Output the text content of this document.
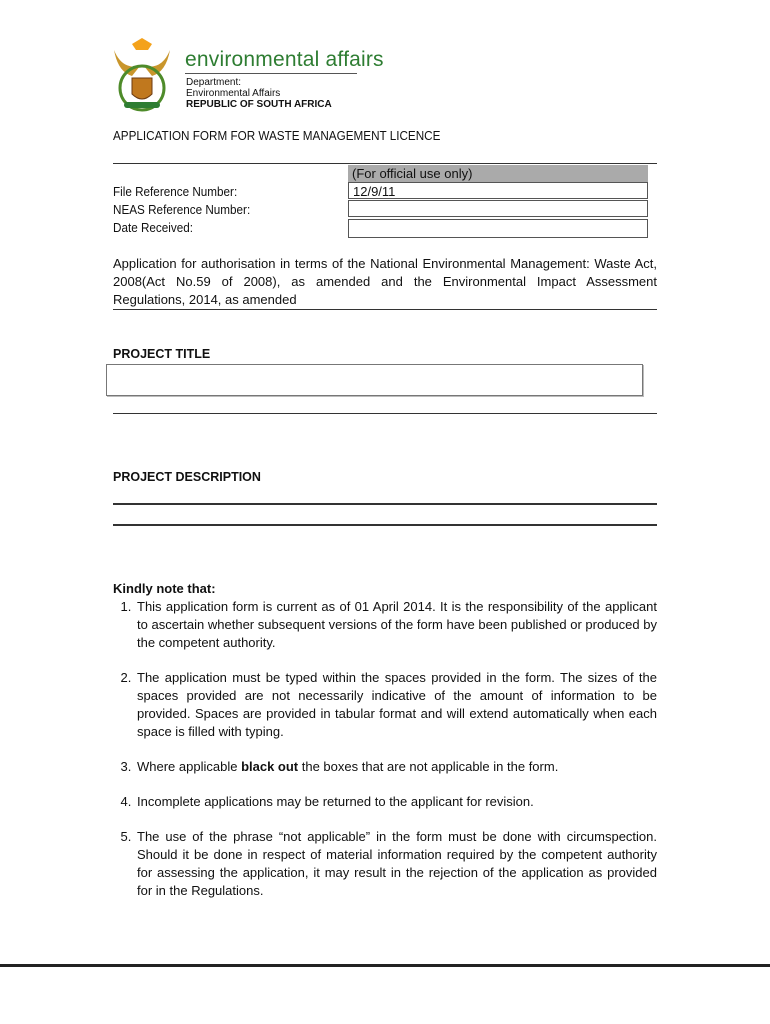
environmental affairs
Department:
Environmental Affairs
REPUBLIC OF SOUTH AFRICA
APPLICATION FORM FOR WASTE MANAGEMENT LICENCE
(For official use only)
File Reference Number:
NEAS Reference Number:
Date Received:
12/9/11
Application for authorisation in terms of the National Environmental Management: Waste Act, 2008(Act No.59 of 2008), as amended and the Environmental Impact Assessment Regulations, 2014, as amended
PROJECT TITLE
PROJECT DESCRIPTION
Kindly note that:
1. This application form is current as of 01 April 2014. It is the responsibility of the applicant to ascertain whether subsequent versions of the form have been published or produced by the competent authority.
2. The application must be typed within the spaces provided in the form. The sizes of the spaces provided are not necessarily indicative of the amount of information to be provided. Spaces are provided in tabular format and will extend automatically when each space is filled with typing.
3. Where applicable black out the boxes that are not applicable in the form.
4. Incomplete applications may be returned to the applicant for revision.
5. The use of the phrase “not applicable” in the form must be done with circumspection. Should it be done in respect of material information required by the competent authority for assessing the application, it may result in the rejection of the application as provided for in the Regulations.
